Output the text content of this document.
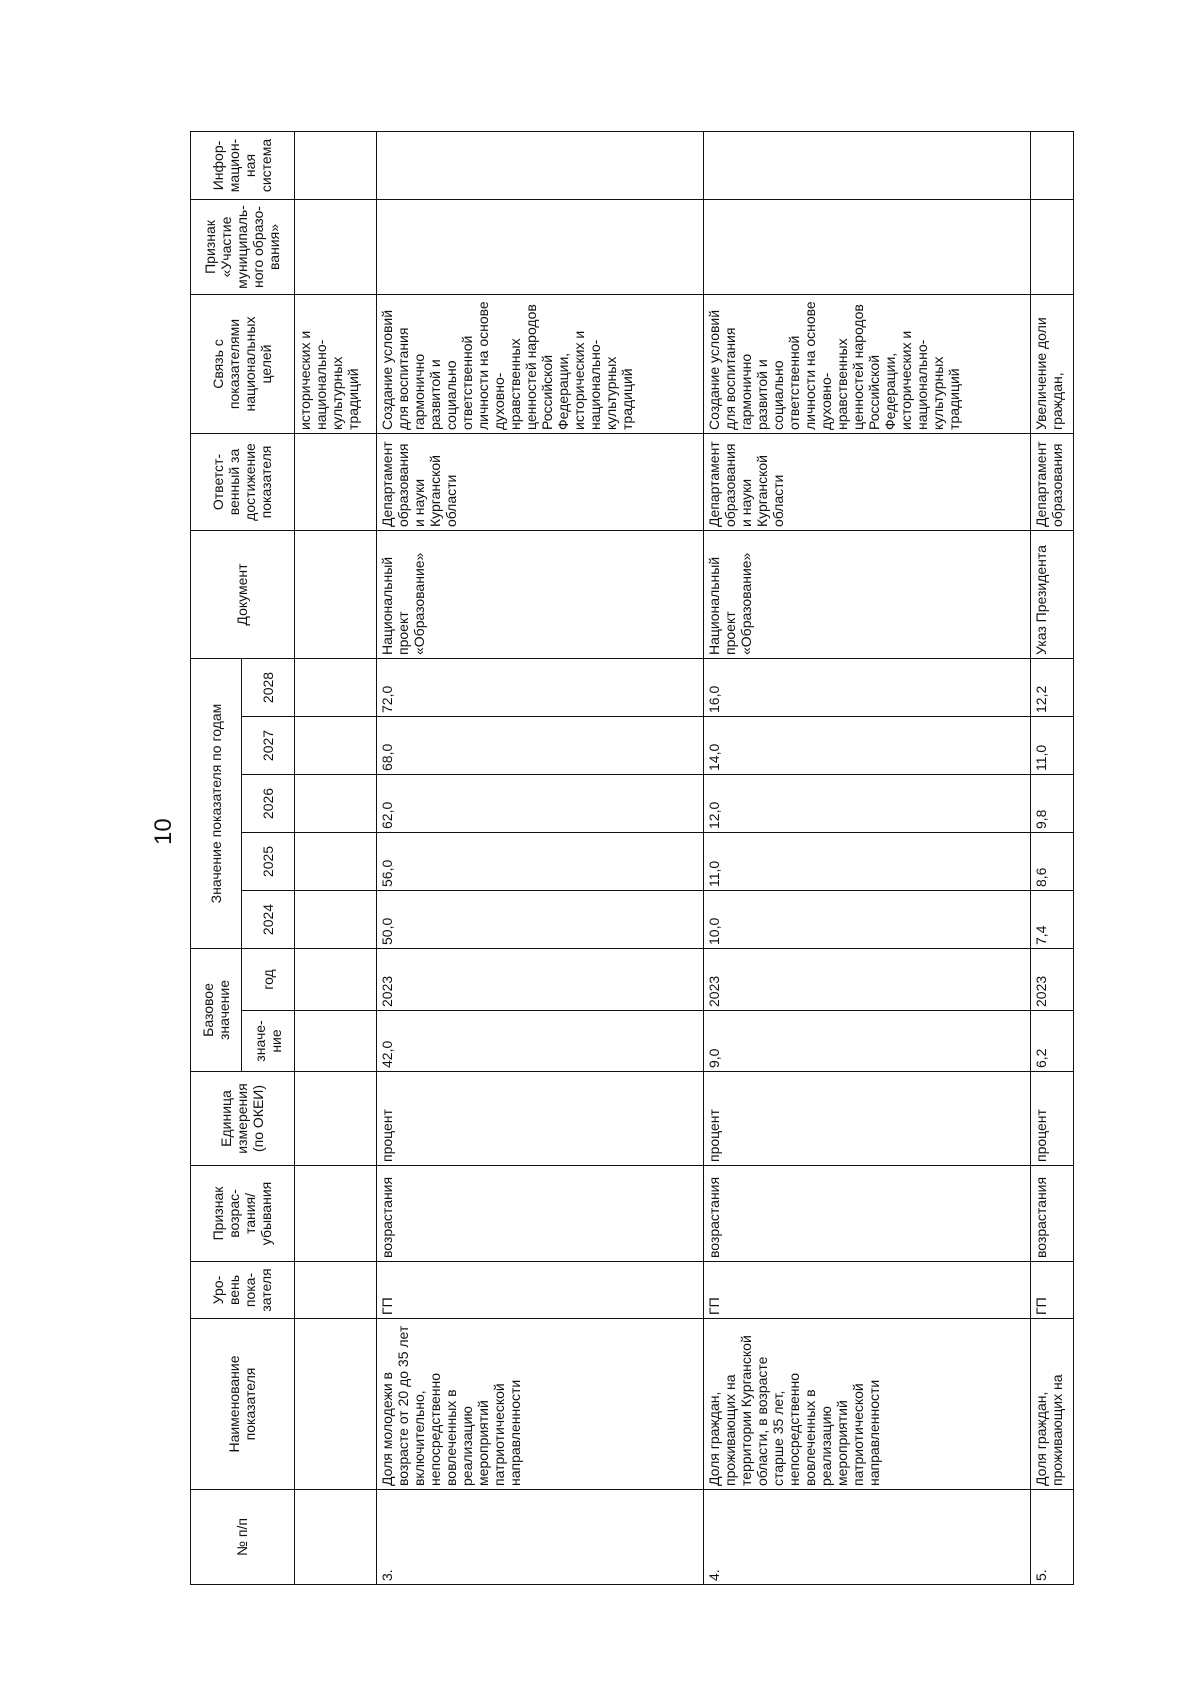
10
№ п/п	Наименование показателя	Уро-вень пока-зателя	Признак возрас-тания/ убывания	Единица измерения (по ОКЕИ)	Базовое значение		Значение показателя по годам					Документ	Ответст-венный за достижение показателя	Связь с показателями национальных целей	Признак «Участие муниципаль-ного образо-вания»	Инфор-мацион-ная система
					значе-ние	год	2024	2025	2026	2027	2028					
														исторических и национально-культурных традиций		
3.	Доля молодежи в возрасте от 20 до 35 лет включительно, непосредственно вовлеченных в реализацию мероприятий патриотической направленности	ГП	возрастания	процент	42,0	2023	50,0	56,0	62,0	68,0	72,0	Национальный проект «Образование»	Департамент образования и науки Курганской области	Создание условий для воспитания гармонично развитой и социально ответственной личности на основе духовно-нравственных ценностей народов Российской Федерации, исторических и национально-культурных традиций		
4.	Доля граждан, проживающих на территории Курганской области, в возрасте старше 35 лет, непосредственно вовлеченных в реализацию мероприятий патриотической направленности	ГП	возрастания	процент	9,0	2023	10,0	11,0	12,0	14,0	16,0	Национальный проект «Образование»	Департамент образования и науки Курганской области	Создание условий для воспитания гармонично развитой и социально ответственной личности на основе духовно-нравственных ценностей народов Российской Федерации, исторических и национально-культурных традиций		
5.	Доля граждан, проживающих на	ГП	возрастания	процент	6,2	2023	7,4	8,6	9,8	11,0	12,2	Указ Президента	Департамент образования	Увеличение доли граждан,		
